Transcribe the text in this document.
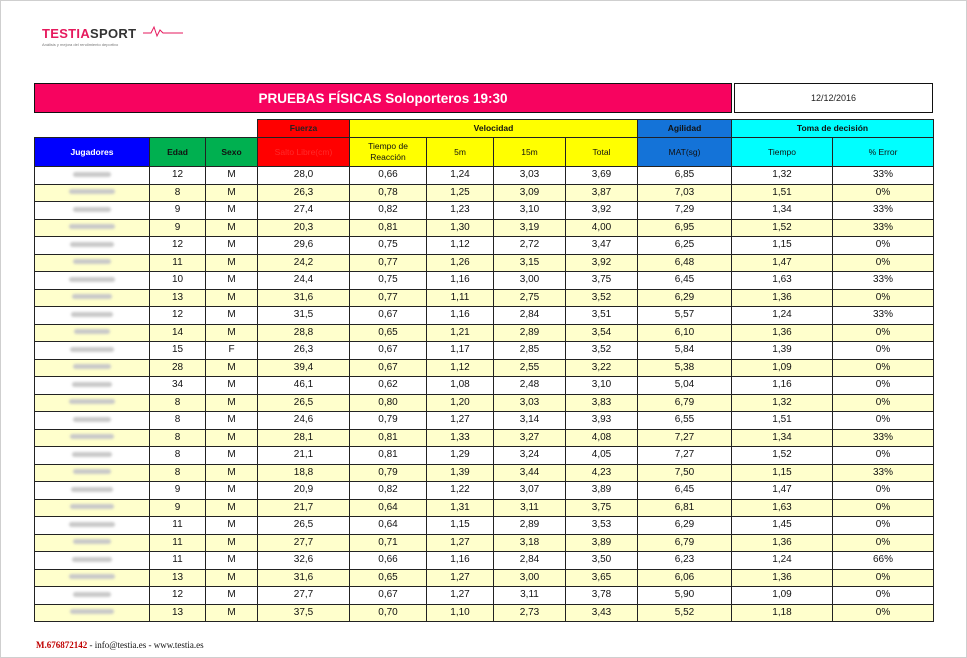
TESTIASPORT
Análisis y mejora del rendimiento deportivo
PRUEBAS FÍSICAS Soloporteros 19:30	12/12/2016
			Fuerza	Velocidad				Agilidad	Toma de decisión	
Jugadores	Edad	Sexo	Salto Libre(cm)	Tiempo de Reacción	5m	15m	Total	MAT(sg)	Tiempo	% Error
	12	M	28,0	0,66	1,24	3,03	3,69	6,85	1,32	33%
	8	M	26,3	0,78	1,25	3,09	3,87	7,03	1,51	0%
	9	M	27,4	0,82	1,23	3,10	3,92	7,29	1,34	33%
	9	M	20,3	0,81	1,30	3,19	4,00	6,95	1,52	33%
	12	M	29,6	0,75	1,12	2,72	3,47	6,25	1,15	0%
	11	M	24,2	0,77	1,26	3,15	3,92	6,48	1,47	0%
	10	M	24,4	0,75	1,16	3,00	3,75	6,45	1,63	33%
	13	M	31,6	0,77	1,11	2,75	3,52	6,29	1,36	0%
	12	M	31,5	0,67	1,16	2,84	3,51	5,57	1,24	33%
	14	M	28,8	0,65	1,21	2,89	3,54	6,10	1,36	0%
	15	F	26,3	0,67	1,17	2,85	3,52	5,84	1,39	0%
	28	M	39,4	0,67	1,12	2,55	3,22	5,38	1,09	0%
	34	M	46,1	0,62	1,08	2,48	3,10	5,04	1,16	0%
	8	M	26,5	0,80	1,20	3,03	3,83	6,79	1,32	0%
	8	M	24,6	0,79	1,27	3,14	3,93	6,55	1,51	0%
	8	M	28,1	0,81	1,33	3,27	4,08	7,27	1,34	33%
	8	M	21,1	0,81	1,29	3,24	4,05	7,27	1,52	0%
	8	M	18,8	0,79	1,39	3,44	4,23	7,50	1,15	33%
	9	M	20,9	0,82	1,22	3,07	3,89	6,45	1,47	0%
	9	M	21,7	0,64	1,31	3,11	3,75	6,81	1,63	0%
	11	M	26,5	0,64	1,15	2,89	3,53	6,29	1,45	0%
	11	M	27,7	0,71	1,27	3,18	3,89	6,79	1,36	0%
	11	M	32,6	0,66	1,16	2,84	3,50	6,23	1,24	66%
	13	M	31,6	0,65	1,27	3,00	3,65	6,06	1,36	0%
	12	M	27,7	0,67	1,27	3,11	3,78	5,90	1,09	0%
	13	M	37,5	0,70	1,10	2,73	3,43	5,52	1,18	0%
M.676872142 - info@testia.es - www.testia.es
